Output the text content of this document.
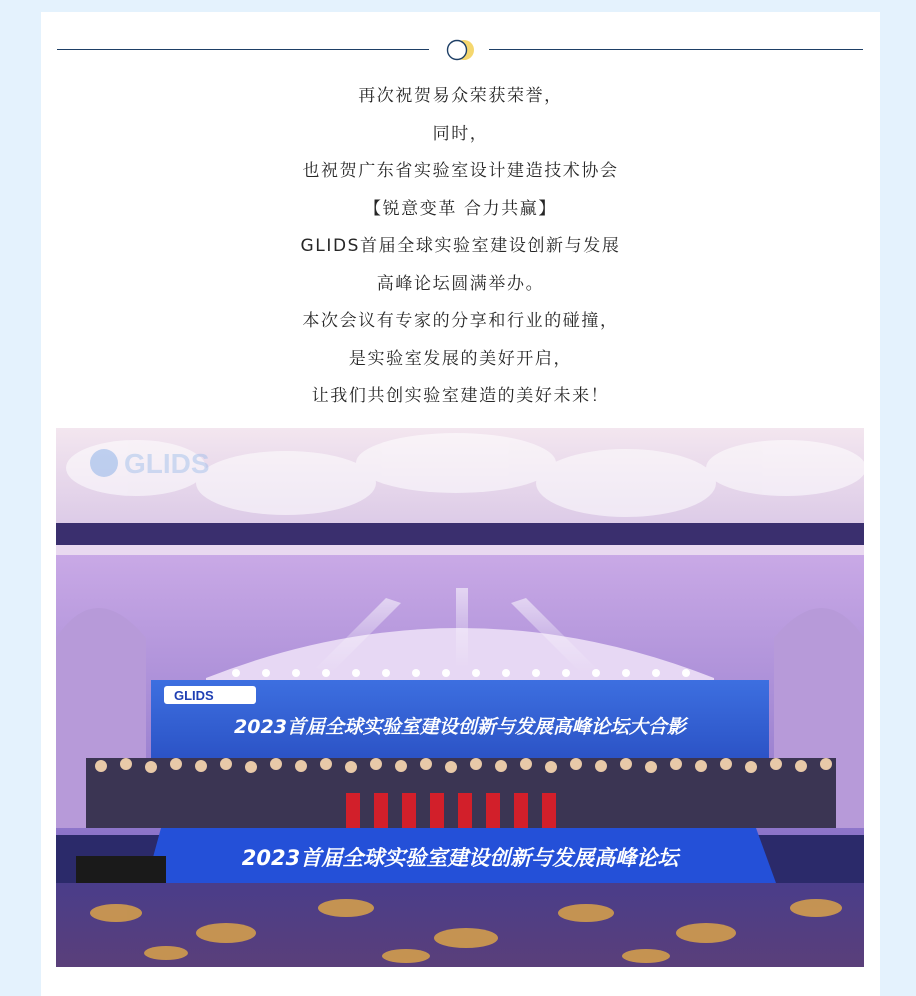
再次祝贺易众荣获荣誉，

同时，

也祝贺广东省实验室设计建造技术协会

【锐意变革 合力共赢】

GLIDS首届全球实验室建设创新与发展

高峰论坛圆满举办。

本次会议有专家的分享和行业的碰撞，

是实验室发展的美好开启，

让我们共创实验室建造的美好未来！

GLIDS
2023首届全球实验室建设创新与发展高峰论坛大合影
2023首届全球实验室建设创新与发展高峰论坛
GLIDS
